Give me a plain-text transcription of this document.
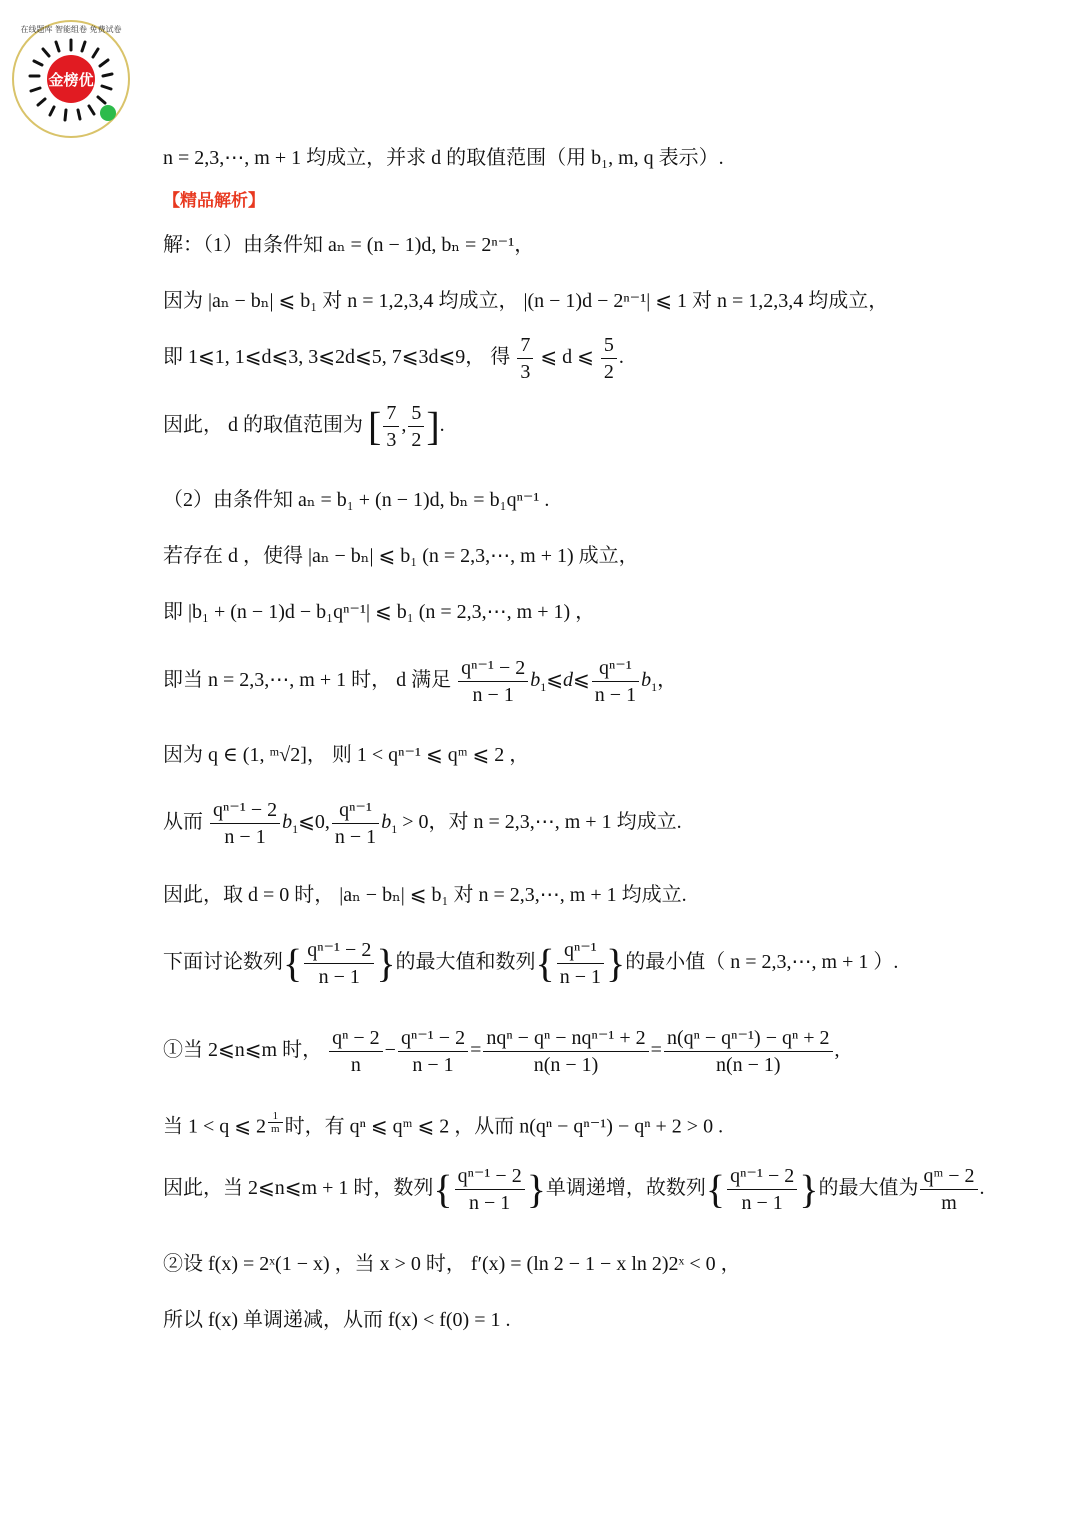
金榜优
在线题库 智能组卷 免费试卷
n = 2,3,⋯, m + 1 均成立，并求 d 的取值范围（用 b₁, m, q 表示）.
【精品解析】
解：（1）由条件知 aₙ = (n − 1)d, bₙ = 2ⁿ⁻¹，
因为 |aₙ − bₙ| ⩽ b₁ 对 n = 1,2,3,4 均成立， |(n − 1)d − 2ⁿ⁻¹| ⩽ 1 对 n = 1,2,3,4 均成立，
即 1⩽1, 1⩽d⩽3, 3⩽2d⩽5, 7⩽3d⩽9， 得 $\frac{7}{3}$ ⩽ d ⩽ $\frac{5}{2}$ .
因此， d 的取值范围为 [ $\frac{7}{3}$ , $\frac{5}{2}$ ].
（2）由条件知 aₙ = b₁ + (n − 1)d, bₙ = b₁qⁿ⁻¹ .
若存在 d ，使得 |aₙ − bₙ| ⩽ b₁ (n = 2,3,⋯, m + 1) 成立，
即 |b₁ + (n − 1)d − b₁qⁿ⁻¹| ⩽ b₁ (n = 2,3,⋯, m + 1) ，
即当 n = 2,3,⋯, m + 1 时， d 满足 $\frac{\text{qⁿ⁻¹ − 2}}{n - 1}$ $b_1⩽d⩽ \frac{\text{qⁿ⁻¹}}{n - 1} b_1$，
因为 q ∈ (1, ᵐ√2]， 则 1 < qⁿ⁻¹ ⩽ qᵐ ⩽ 2 ，
从而 $\frac{\text{qⁿ⁻¹ − 2}}{n - 1}$ $b_1⩽0$, $\frac{\text{qⁿ⁻¹}}{n - 1} b_1 > 0$，对 n = 2,3,⋯, m + 1 均成立.
因此，取 d = 0 时， |aₙ − bₙ| ⩽ b₁ 对 n = 2,3,⋯, m + 1 均成立.
下面讨论数列{ $\frac{\text{qⁿ⁻¹ − 2}}{n - 1}$ }的最大值和数列{ $\frac{\text{qⁿ⁻¹}}{n - 1}$ }的最小值（ n = 2,3,⋯, m + 1 ）.
①当 2⩽n⩽m 时， $\frac{\text{qⁿ − 2}}{n} - \frac{\text{qⁿ⁻¹ − 2}}{n - 1} = \frac{\text{nqⁿ − qⁿ − nqⁿ⁻¹ + 2}}{n(n - 1)} = \frac{\text{n(qⁿ − qⁿ⁻¹) − qⁿ + 2}}{n(n - 1)}$ ,
当 1 < q ⩽ 2 $^{\frac{1}{m}}$ 时，有 qⁿ ⩽ qᵐ ⩽ 2 ，从而 n(qⁿ − qⁿ⁻¹) − qⁿ + 2 > 0 .
因此，当 2⩽n⩽m + 1 时，数列{ $\frac{\text{qⁿ⁻¹ − 2}}{n - 1}$ }单调递增，故数列{ $\frac{\text{qⁿ⁻¹ − 2}}{n - 1}$ }的最大值为 $\frac{\text{qᵐ − 2}}{m}$ .
②设 f(x) = 2ˣ(1 − x) ，当 x > 0 时， f′(x) = (ln 2 − 1 − x ln 2)2ˣ < 0 ，
所以 f(x) 单调递减，从而 f(x) < f(0) = 1 .
